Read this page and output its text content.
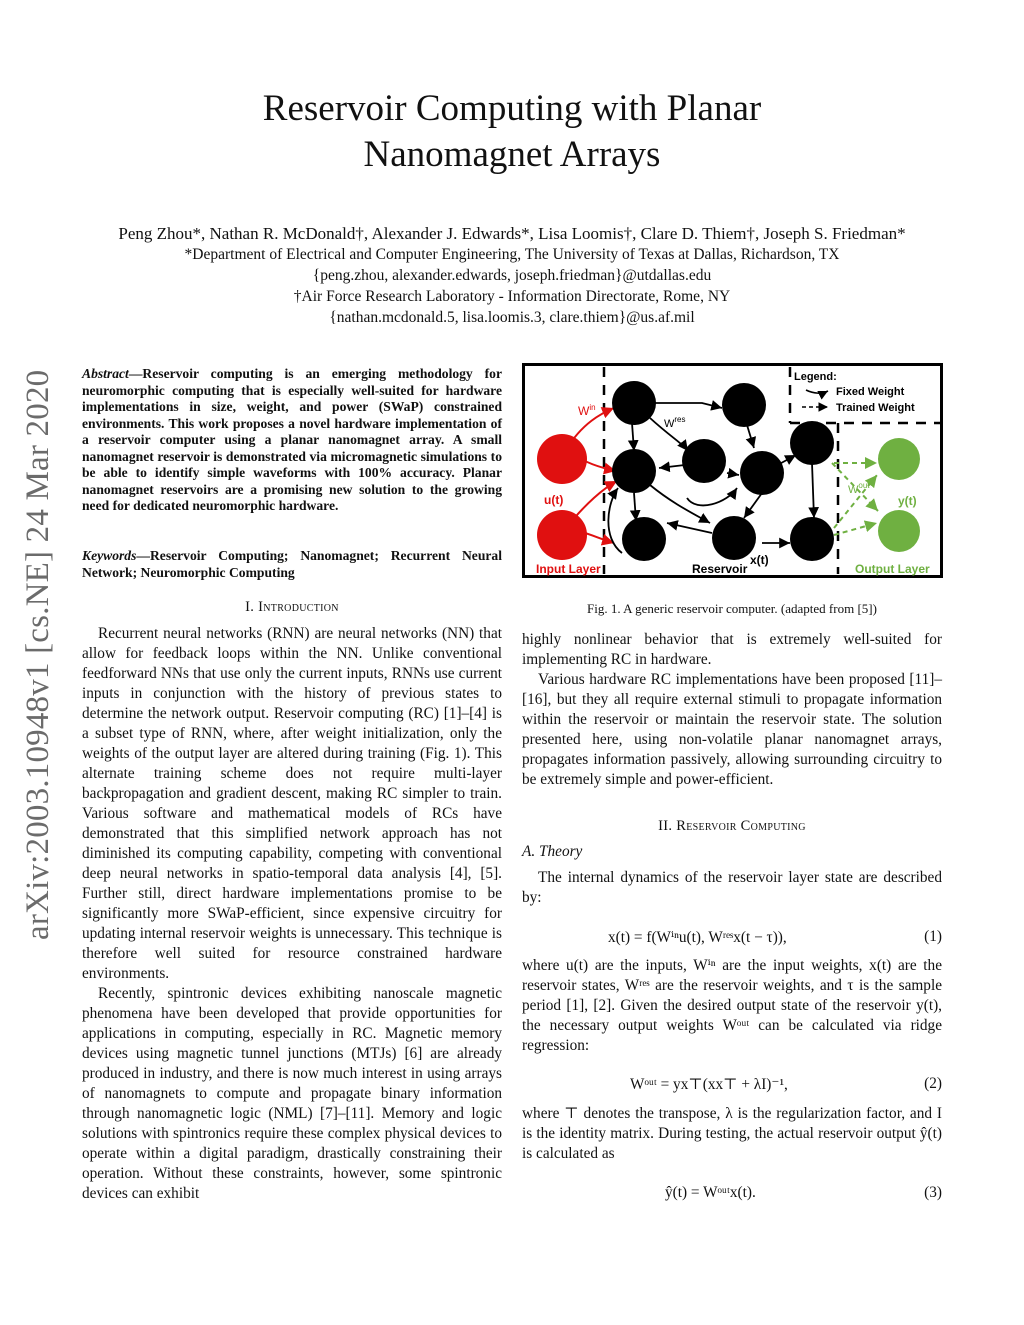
arXiv:2003.10948v1 [cs.NE] 24 Mar 2020
Reservoir Computing with Planar
Nanomagnet Arrays
Peng Zhou*, Nathan R. McDonald†, Alexander J. Edwards*, Lisa Loomis†, Clare D. Thiem†, Joseph S. Friedman*
*Department of Electrical and Computer Engineering, The University of Texas at Dallas, Richardson, TX
{peng.zhou, alexander.edwards, joseph.friedman}@utdallas.edu
†Air Force Research Laboratory - Information Directorate, Rome, NY
{nathan.mcdonald.5, lisa.loomis.3, clare.thiem}@us.af.mil
Abstract—Reservoir computing is an emerging methodology for neuromorphic computing that is especially well-suited for hardware implementations in size, weight, and power (SWaP) constrained environments. This work proposes a novel hardware implementation of a reservoir computer using a planar nanomagnet array. A small nanomagnet reservoir is demonstrated via micromagnetic simulations to be able to identify simple waveforms with 100% accuracy. Planar nanomagnet reservoirs are a promising new solution to the growing need for dedicated neuromorphic hardware.
Keywords—Reservoir Computing; Nanomagnet; Recurrent Neural Network; Neuromorphic Computing
I. Introduction

Recurrent neural networks (RNN) are neural networks (NN) that allow for feedback loops within the NN. Unlike conventional feedforward NNs that use only the current inputs, RNNs use current inputs in conjunction with the history of previous states to determine the network output. Reservoir computing (RC) [1]–[4] is a subset type of RNN, where, after weight initialization, only the weights of the output layer are altered during training (Fig. 1). This alternate training scheme does not require multi-layer backpropagation and gradient descent, making RC simpler to train. Various software and mathematical models of RCs have demonstrated that this simplified network approach has not diminished its computing capability, competing with conventional deep neural networks in spatio-temporal data analysis [4], [5]. Further still, direct hardware implementations promise to be significantly more SWaP-efficient, since expensive circuitry for updating internal reservoir weights is unnecessary. This technique is therefore well suited for resource constrained hardware environments.

Recently, spintronic devices exhibiting nanoscale magnetic phenomena have been developed that provide opportunities for applications in computing, especially in RC. Magnetic memory devices using magnetic tunnel junctions (MTJs) [6] are already produced in industry, and there is now much interest in using arrays of nanomagnets to compute and propagate binary information through nanomagnetic logic (NML) [7]–[11]. Memory and logic solutions with spintronics require these complex physical devices to operate within a digital paradigm, drastically constraining their operation. Without these constraints, however, some spintronic devices can exhibit

$W^{in}$
$W^{res}$
$W^{out}$
u(t)	y(t)
x(t)
Input Layer	Reservoir	Output Layer
Legend:
Fixed Weight
Trained Weight
Fig. 1. A generic reservoir computer. (adapted from [5])

highly nonlinear behavior that is extremely well-suited for implementing RC in hardware.

Various hardware RC implementations have been proposed [11]–[16], but they all require external stimuli to propagate information within the reservoir or maintain the reservoir state. The solution presented here, using non-volatile planar nanomagnet arrays, propagates information passively, allowing surrounding circuitry to be extremely simple and power-efficient.

II. Reservoir Computing
A. Theory

The internal dynamics of the reservoir layer state are described by:

x(t) = f(Wⁱⁿu(t), Wʳᵉˢx(t − τ)),	(1)

where u(t) are the inputs, Wⁱⁿ are the input weights, x(t) are the reservoir states, Wʳᵉˢ are the reservoir weights, and τ is the sample period [1], [2]. Given the desired output state of the reservoir y(t), the necessary output weights Wᵒᵘᵗ can be calculated via ridge regression:

Wᵒᵘᵗ = yx⊤(xx⊤ + λI)⁻¹,	(2)

where ⊤ denotes the transpose, λ is the regularization factor, and I is the identity matrix. During testing, the actual reservoir output ŷ(t) is calculated as

ŷ(t) = Wᵒᵘᵗx(t).	(3)
